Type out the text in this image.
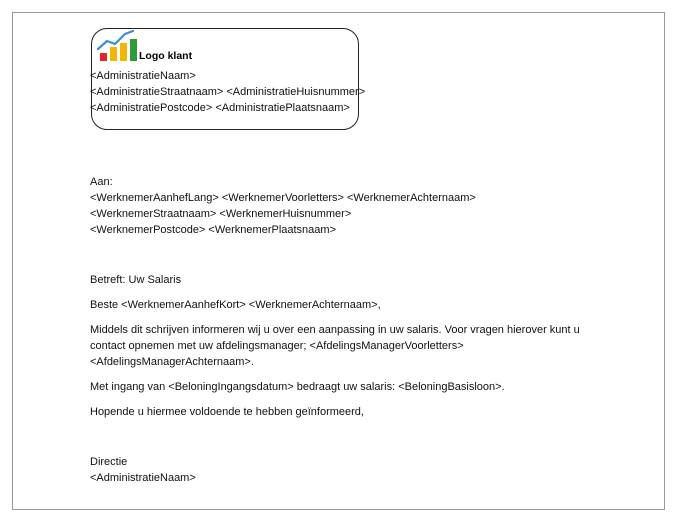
Logo klant
<AdministratieNaam>
<AdministratieStraatnaam> <AdministratieHuisnummer>
<AdministratiePostcode> <AdministratiePlaatsnaam>
Aan:
<WerknemerAanhefLang> <WerknemerVoorletters> <WerknemerAchternaam>
<WerknemerStraatnaam> <WerknemerHuisnummer>
<WerknemerPostcode> <WerknemerPlaatsnaam>
Betreft: Uw Salaris
Beste <WerknemerAanhefKort> <WerknemerAchternaam>,
Middels dit schrijven informeren wij u over een aanpassing in uw salaris. Voor vragen hierover kunt u
contact opnemen met uw afdelingsmanager; <AfdelingsManagerVoorletters>
<AfdelingsManagerAchternaam>.
Met ingang van <BeloningIngangsdatum> bedraagt uw salaris: <BeloningBasisloon>.
Hopende u hiermee voldoende te hebben geïnformeerd,
Directie
<AdministratieNaam>
